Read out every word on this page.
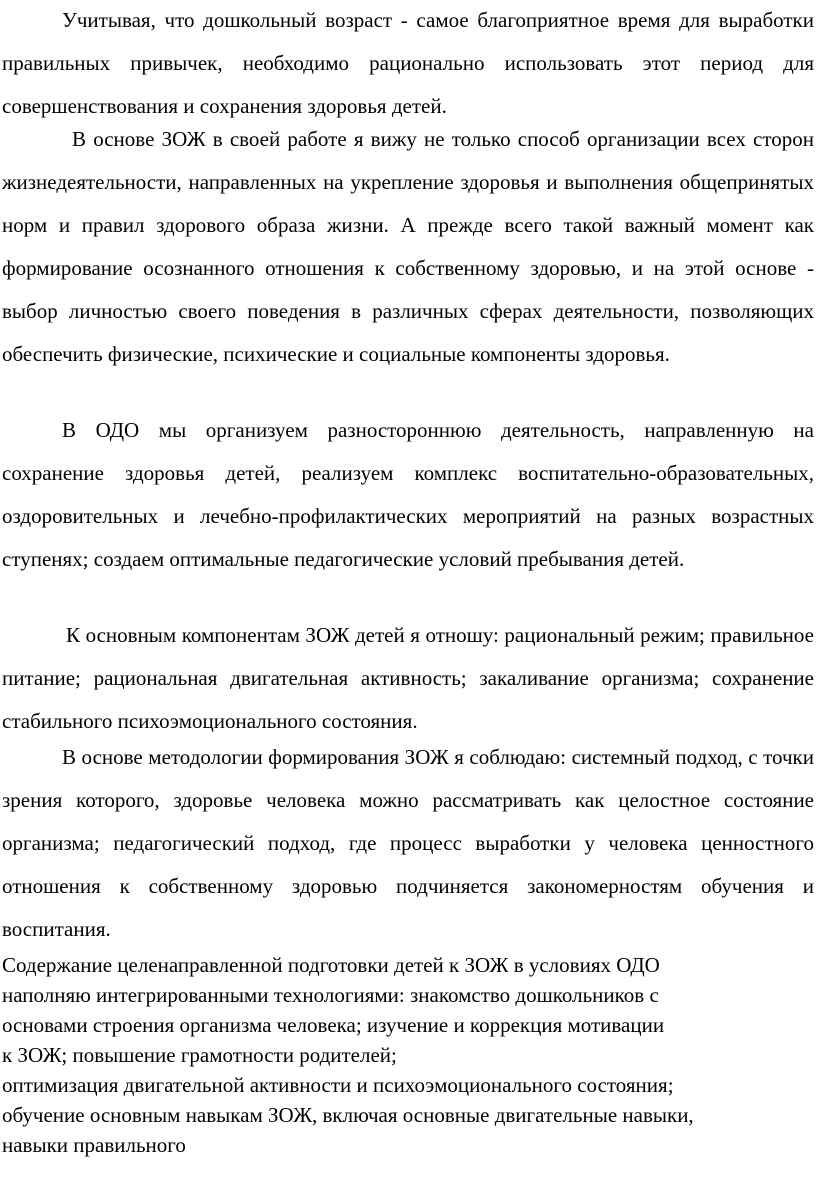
Учитывая, что дошкольный возраст - самое благоприятное время для выработки правильных привычек, необходимо рационально использовать этот период для совершенствования и сохранения здоровья детей.

В основе ЗОЖ в своей работе я вижу не только способ организации всех сторон жизнедеятельности, направленных на укрепление здоровья и выполнения общепринятых норм и правил здорового образа жизни. А прежде всего такой важный момент как формирование осознанного отношения к собственному здоровью, и на этой основе - выбор личностью своего поведения в различных сферах деятельности, позволяющих обеспечить физические, психические и социальные компоненты здоровья.

В ОДО мы организуем разностороннюю деятельность, направленную на сохранение здоровья детей, реализуем комплекс воспитательно-образовательных, оздоровительных и лечебно-профилактических мероприятий на разных возрастных ступенях; создаем оптимальные педагогические условий пребывания детей.

К основным компонентам ЗОЖ детей я отношу: рациональный режим; правильное питание; рациональная двигательная активность; закаливание организма; сохранение стабильного психоэмоционального состояния.

В основе методологии формирования ЗОЖ я соблюдаю: системный подход, с точки зрения которого, здоровье человека можно рассматривать как целостное состояние организма; педагогический подход, где процесс выработки у человека ценностного отношения к собственному здоровью подчиняется закономерностям обучения и воспитания.

Содержание целенаправленной подготовки детей к ЗОЖ в условиях ОДО
наполняю интегрированными технологиями: знакомство дошкольников с
основами строения организма человека; изучение и коррекция мотивации
к ЗОЖ; повышение грамотности родителей;
оптимизация двигательной активности и психоэмоционального состояния;
обучение основным навыкам ЗОЖ, включая основные двигательные навыки,
навыки правильного
